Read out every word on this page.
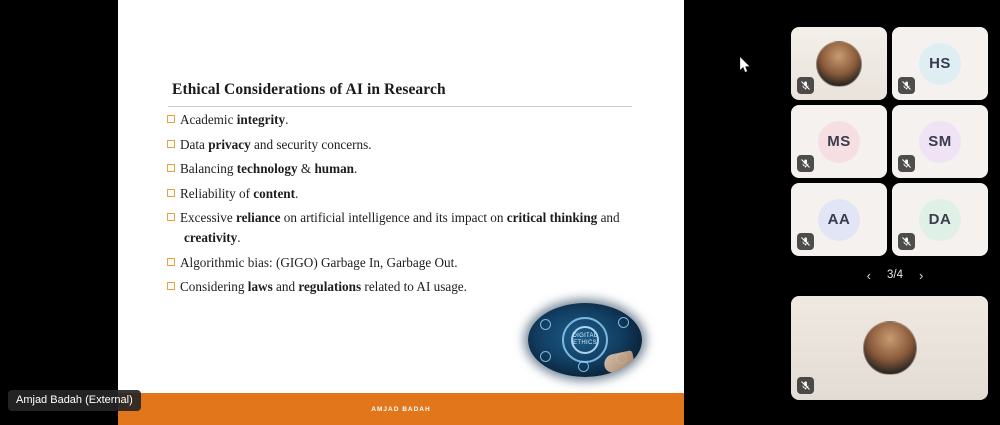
Ethical Considerations of AI in Research
Academic integrity.
Data privacy and security concerns.
Balancing technology & human.
Reliability of content.
Excessive reliance on artificial intelligence and its impact on critical thinking and
creativity.
Algorithmic bias: (GIGO) Garbage In, Garbage Out.
Considering laws and regulations related to AI usage.
DIGITAL
ETHICS
AMJAD BADAH
Amjad Badah (External)
HS
MS	SM
AA	DA
‹ 3/4 ›
